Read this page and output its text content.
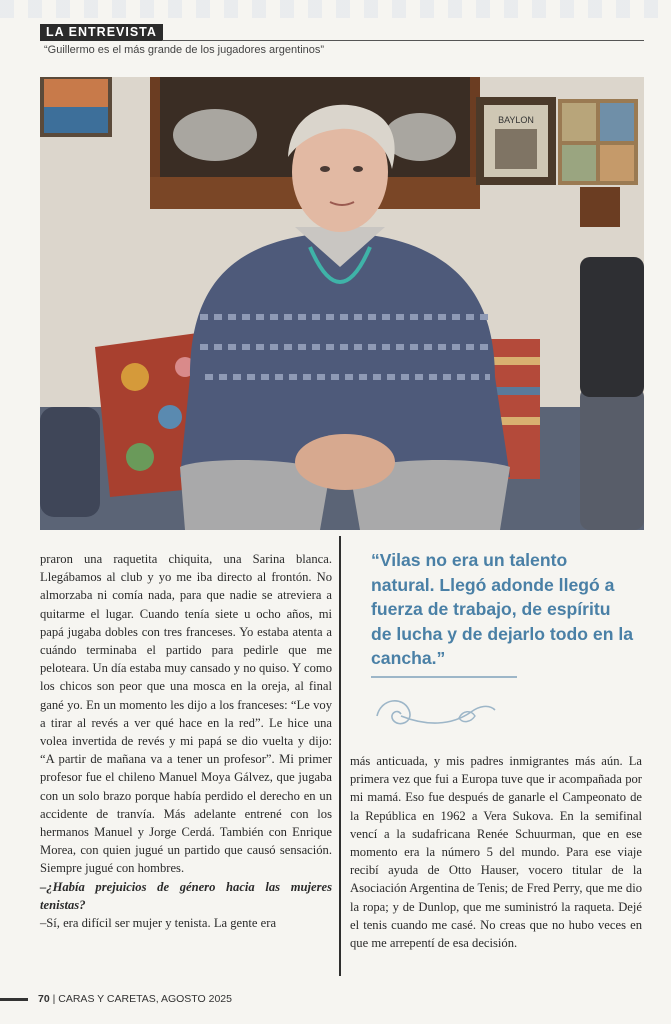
LA ENTREVISTA
“Guillermo es el más grande de los jugadores argentinos”
BAYLON

praron una raquetita chiquita, una Sarina blanca. Llegábamos al club y yo me iba directo al frontón. No almorzaba ni comía nada, para que nadie se atreviera a quitarme el lugar. Cuando tenía siete u ocho años, mi papá jugaba dobles con tres franceses. Yo estaba atenta a cuándo terminaba el partido para pedirle que me peloteara. Un día estaba muy cansado y no quiso. Y como los chicos son peor que una mosca en la oreja, al final gané yo. En un momento les dijo a los franceses: “Le voy a tirar al revés a ver qué hace en la red”. Le hice una volea invertida de revés y mi papá se dio vuelta y dijo: “A partir de mañana va a tener un profesor”. Mi primer profesor fue el chileno Manuel Moya Gálvez, que jugaba con un solo brazo porque había perdido el derecho en un accidente de tranvía. Más adelante entrené con los hermanos Manuel y Jorge Cerdá. También con Enrique Morea, con quien jugué un partido que causó sensación. Siempre jugué con hombres.

–¿Había prejuicios de género hacia las mujeres tenistas?

–Sí, era difícil ser mujer y tenista. La gente era

“Vilas no era un talento natural. Llegó adonde llegó a fuerza de trabajo, de espíritu de lucha y de dejarlo todo en la cancha.”

más anticuada, y mis padres inmigrantes más aún. La primera vez que fui a Europa tuve que ir acompañada por mi mamá. Eso fue después de ganarle el Campeonato de la República en 1962 a Vera Sukova. En la semifinal vencí a la sudafricana Renée Schuurman, que en ese momento era la número 5 del mundo. Para ese viaje recibí ayuda de Otto Hauser, vocero titular de la Asociación Argentina de Tenis; de Fred Perry, que me dio la ropa; y de Dunlop, que me suministró la raqueta. Dejé el tenis cuando me casé. No creas que no hubo veces en que me arrepentí de esa decisión.

70 | CARAS Y CARETAS, AGOSTO 2025
